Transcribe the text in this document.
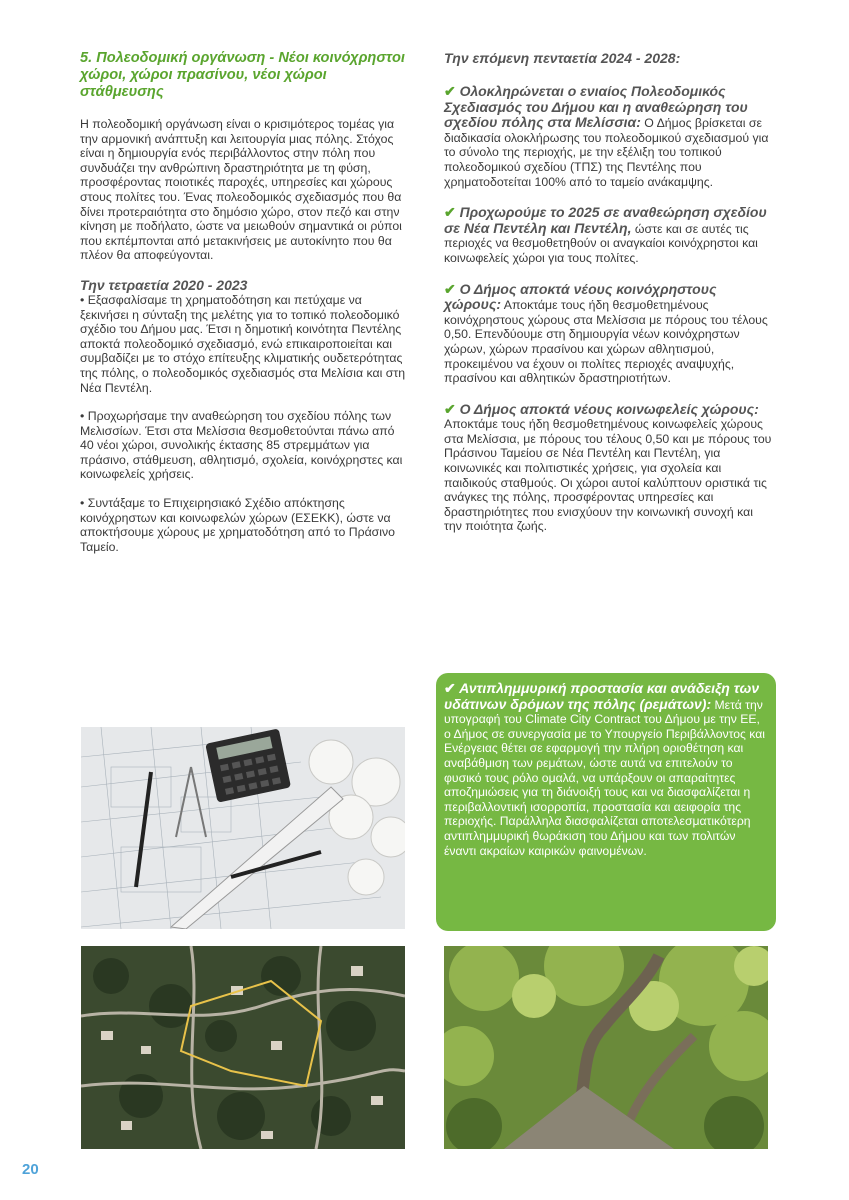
5. Πολεοδομική οργάνωση - Νέοι κοινόχρηστοι χώροι, χώροι πρασίνου, νέοι χώροι στάθμευσης

Η πολεοδομική οργάνωση είναι ο κρισιμότερος τομέας για την αρμονική ανάπτυξη και λειτουργία μιας πόλης. Στόχος είναι η δημιουργία ενός περιβάλλοντος στην πόλη που συνδυάζει την ανθρώπινη δραστηριότητα με τη φύση, προσφέροντας ποιοτικές παροχές, υπηρεσίες και χώρους στους πολίτες του. Ένας πολεοδομικός σχεδιασμός που θα δίνει προτεραιότητα στο δημόσιο χώρο, στον πεζό και στην κίνηση με ποδήλατο, ώστε να μειωθούν σημαντικά οι ρύποι που εκπέμπονται από μετακινήσεις με αυτοκίνητο που θα πλέον θα αποφεύγονται.

Την τετραετία 2020 - 2023

• Εξασφαλίσαμε τη χρηματοδότηση και πετύχαμε να ξεκινήσει η σύνταξη της μελέτης για το τοπικό πολεοδομικό σχέδιο του Δήμου μας. Έτσι η δημοτική κοινότητα Πεντέλης αποκτά πολεοδομικό σχεδιασμό, ενώ επικαιροποιείται και συμβαδίζει με το στόχο επίτευξης κλιματικής ουδετερότητας της πόλης, ο πολεοδομικός σχεδιασμός στα Μελίσια και στη Νέα Πεντέλη.

• Προχωρήσαμε την αναθεώρηση του σχεδίου πόλης των Μελισσίων. Έτσι στα Μελίσσια θεσμοθετούνται πάνω από 40 νέοι χώροι, συνολικής έκτασης 85 στρεμμάτων για πράσινο, στάθμευση, αθλητισμό, σχολεία, κοινόχρηστες και κοινωφελείς χρήσεις.

• Συντάξαμε το Επιχειρησιακό Σχέδιο απόκτησης κοινόχρηστων και κοινωφελών χώρων (ΕΣΕΚΚ), ώστε να αποκτήσουμε χώρους με χρηματοδότηση από το Πράσινο Ταμείο.

Την επόμενη πενταετία 2024 - 2028:

✔ Ολοκληρώνεται ο ενιαίος Πολεοδομικός Σχεδιασμός του Δήμου και η αναθεώρηση του σχεδίου πόλης στα Μελίσσια: Ο Δήμος βρίσκεται σε διαδικασία ολοκλήρωσης του πολεοδομικού σχεδιασμού για το σύνολο της περιοχής, με την εξέλιξη του τοπικού πολεοδομικού σχεδίου (ΤΠΣ) της Πεντέλης που χρηματοδοτείται 100% από το ταμείο ανάκαμψης.
✔ Προχωρούμε το 2025 σε αναθεώρηση σχεδίου σε Νέα Πεντέλη και Πεντέλη, ώστε και σε αυτές τις περιοχές να θεσμοθετηθούν οι αναγκαίοι κοινόχρηστοι και κοινωφελείς χώροι για τους πολίτες.
✔ Ο Δήμος αποκτά νέους κοινόχρηστους χώρους: Αποκτάμε τους ήδη θεσμοθετημένους κοινόχρηστους χώρους στα Μελίσσια με πόρους του τέλους 0,50. Επενδύουμε στη δημιουργία νέων κοινόχρηστων χώρων, χώρων πρασίνου και χώρων αθλητισμού, προκειμένου να έχουν οι πολίτες περιοχές αναψυχής, πρασίνου και αθλητικών δραστηριοτήτων.
✔ Ο Δήμος αποκτά νέους κοινωφελείς χώρους: Αποκτάμε τους ήδη θεσμοθετημένους κοινωφελείς χώρους στα Μελίσσια, με πόρους του τέλους 0,50 και με πόρους του Πράσινου Ταμείου σε Νέα Πεντέλη και Πεντέλη, για κοινωνικές και πολιτιστικές χρήσεις, για σχολεία και παιδικούς σταθμούς. Οι χώροι αυτοί καλύπτουν οριστικά τις ανάγκες της πόλης, προσφέροντας υπηρεσίες και δραστηριότητες που ενισχύουν την κοινωνική συνοχή και την ποιότητα ζωής.
✔ Αντιπλημμυρική προστασία και ανάδειξη των υδάτινων δρόμων της πόλης (ρεμάτων): Μετά την υπογραφή του Climate City Contract του Δήμου με την ΕΕ, ο Δήμος σε συνεργασία με το Υπουργείο Περιβάλλοντος και Ενέργειας θέτει σε εφαρμογή την πλήρη οριοθέτηση και αναβάθμιση των ρεμάτων, ώστε αυτά να επιτελούν το φυσικό τους ρόλο ομαλά, να υπάρξουν οι απαραίτητες αποζημιώσεις για τη διάνοιξή τους και να διασφαλίζεται η περιβαλλοντική ισορροπία, προστασία και αειφορία της περιοχής. Παράλληλα διασφαλίζεται αποτελεσματικότερη αντιπλημμυρική θωράκιση του Δήμου και των πολιτών έναντι ακραίων καιρικών φαινομένων.
20
